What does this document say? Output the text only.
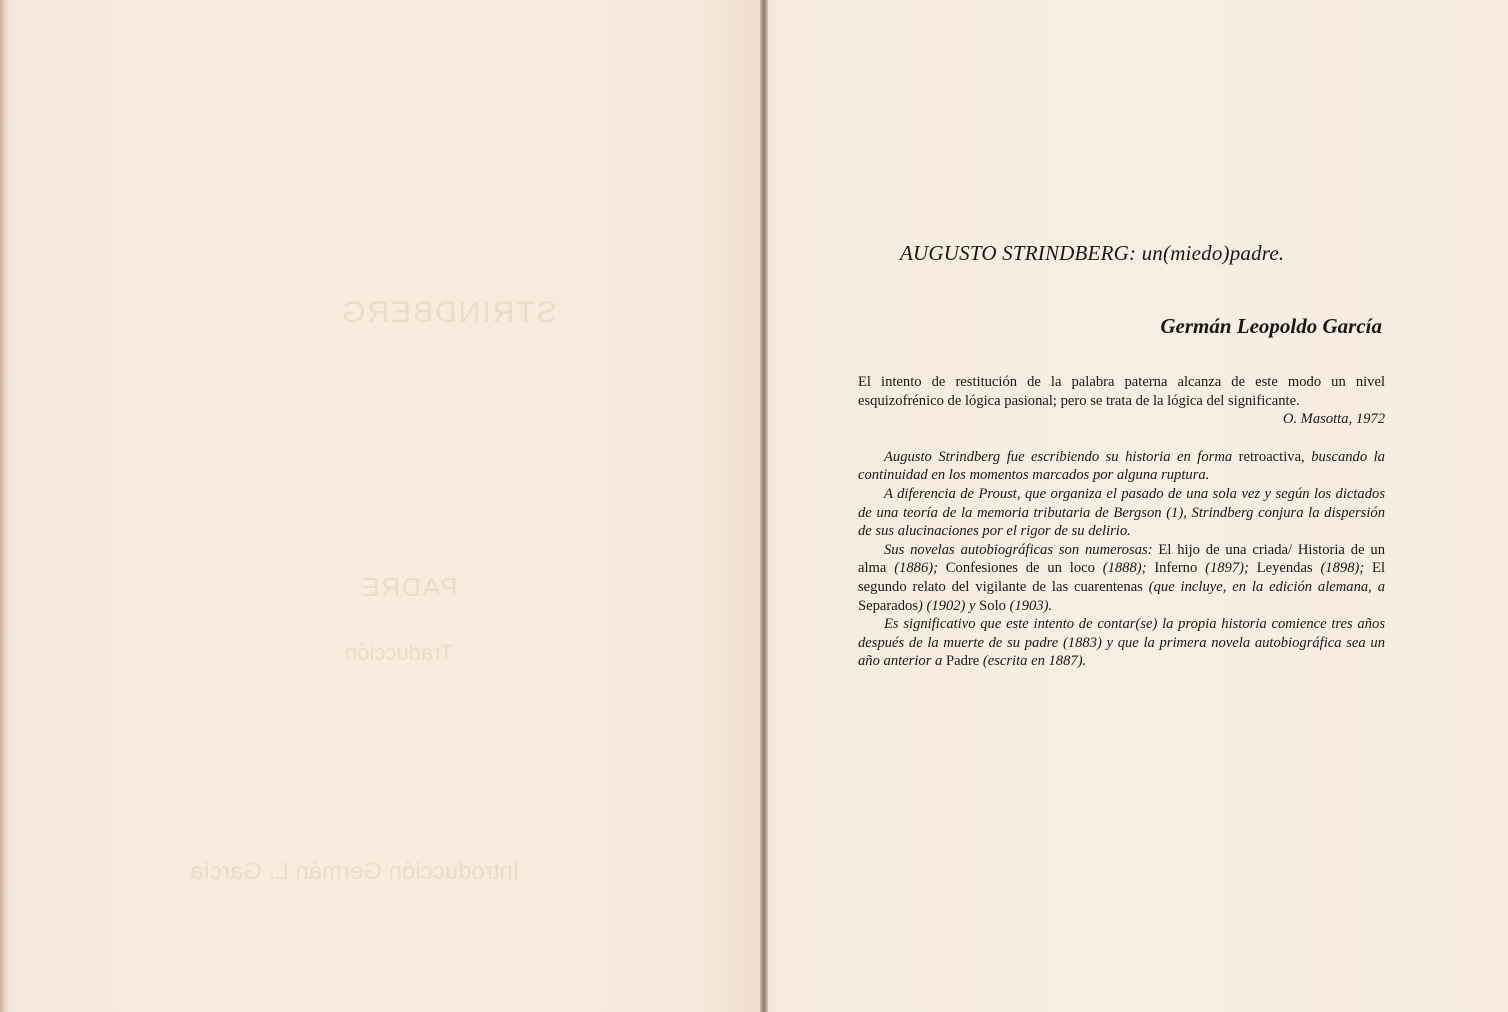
STRINDBERG
PADRE
Traducción
Introducción Germán L. García
AUGUSTO STRINDBERG: un(miedo)padre.
Germán Leopoldo García

El intento de restitución de la palabra paterna alcanza de este modo un nivel esquizofrénico de lógica pasional; pero se trata de la lógica del significante.

O. Masotta, 1972

Augusto Strindberg fue escribiendo su historia en forma retroactiva, buscando la continuidad en los momentos marcados por alguna ruptura.

A diferencia de Proust, que organiza el pasado de una sola vez y según los dictados de una teoría de la memoria tributaria de Bergson (1), Strindberg conjura la dispersión de sus alucinaciones por el rigor de su delirio.

Sus novelas autobiográficas son numerosas: El hijo de una criada/ Historia de un alma (1886); Confesiones de un loco (1888); Inferno (1897); Leyendas (1898); El segundo relato del vigilante de las cuarentenas (que incluye, en la edición alemana, a Separados) (1902) y Solo (1903).

Es significativo que este intento de contar(se) la propia historia comience tres años después de la muerte de su padre (1883) y que la primera novela autobiográfica sea un año anterior a Padre (escrita en 1887).
